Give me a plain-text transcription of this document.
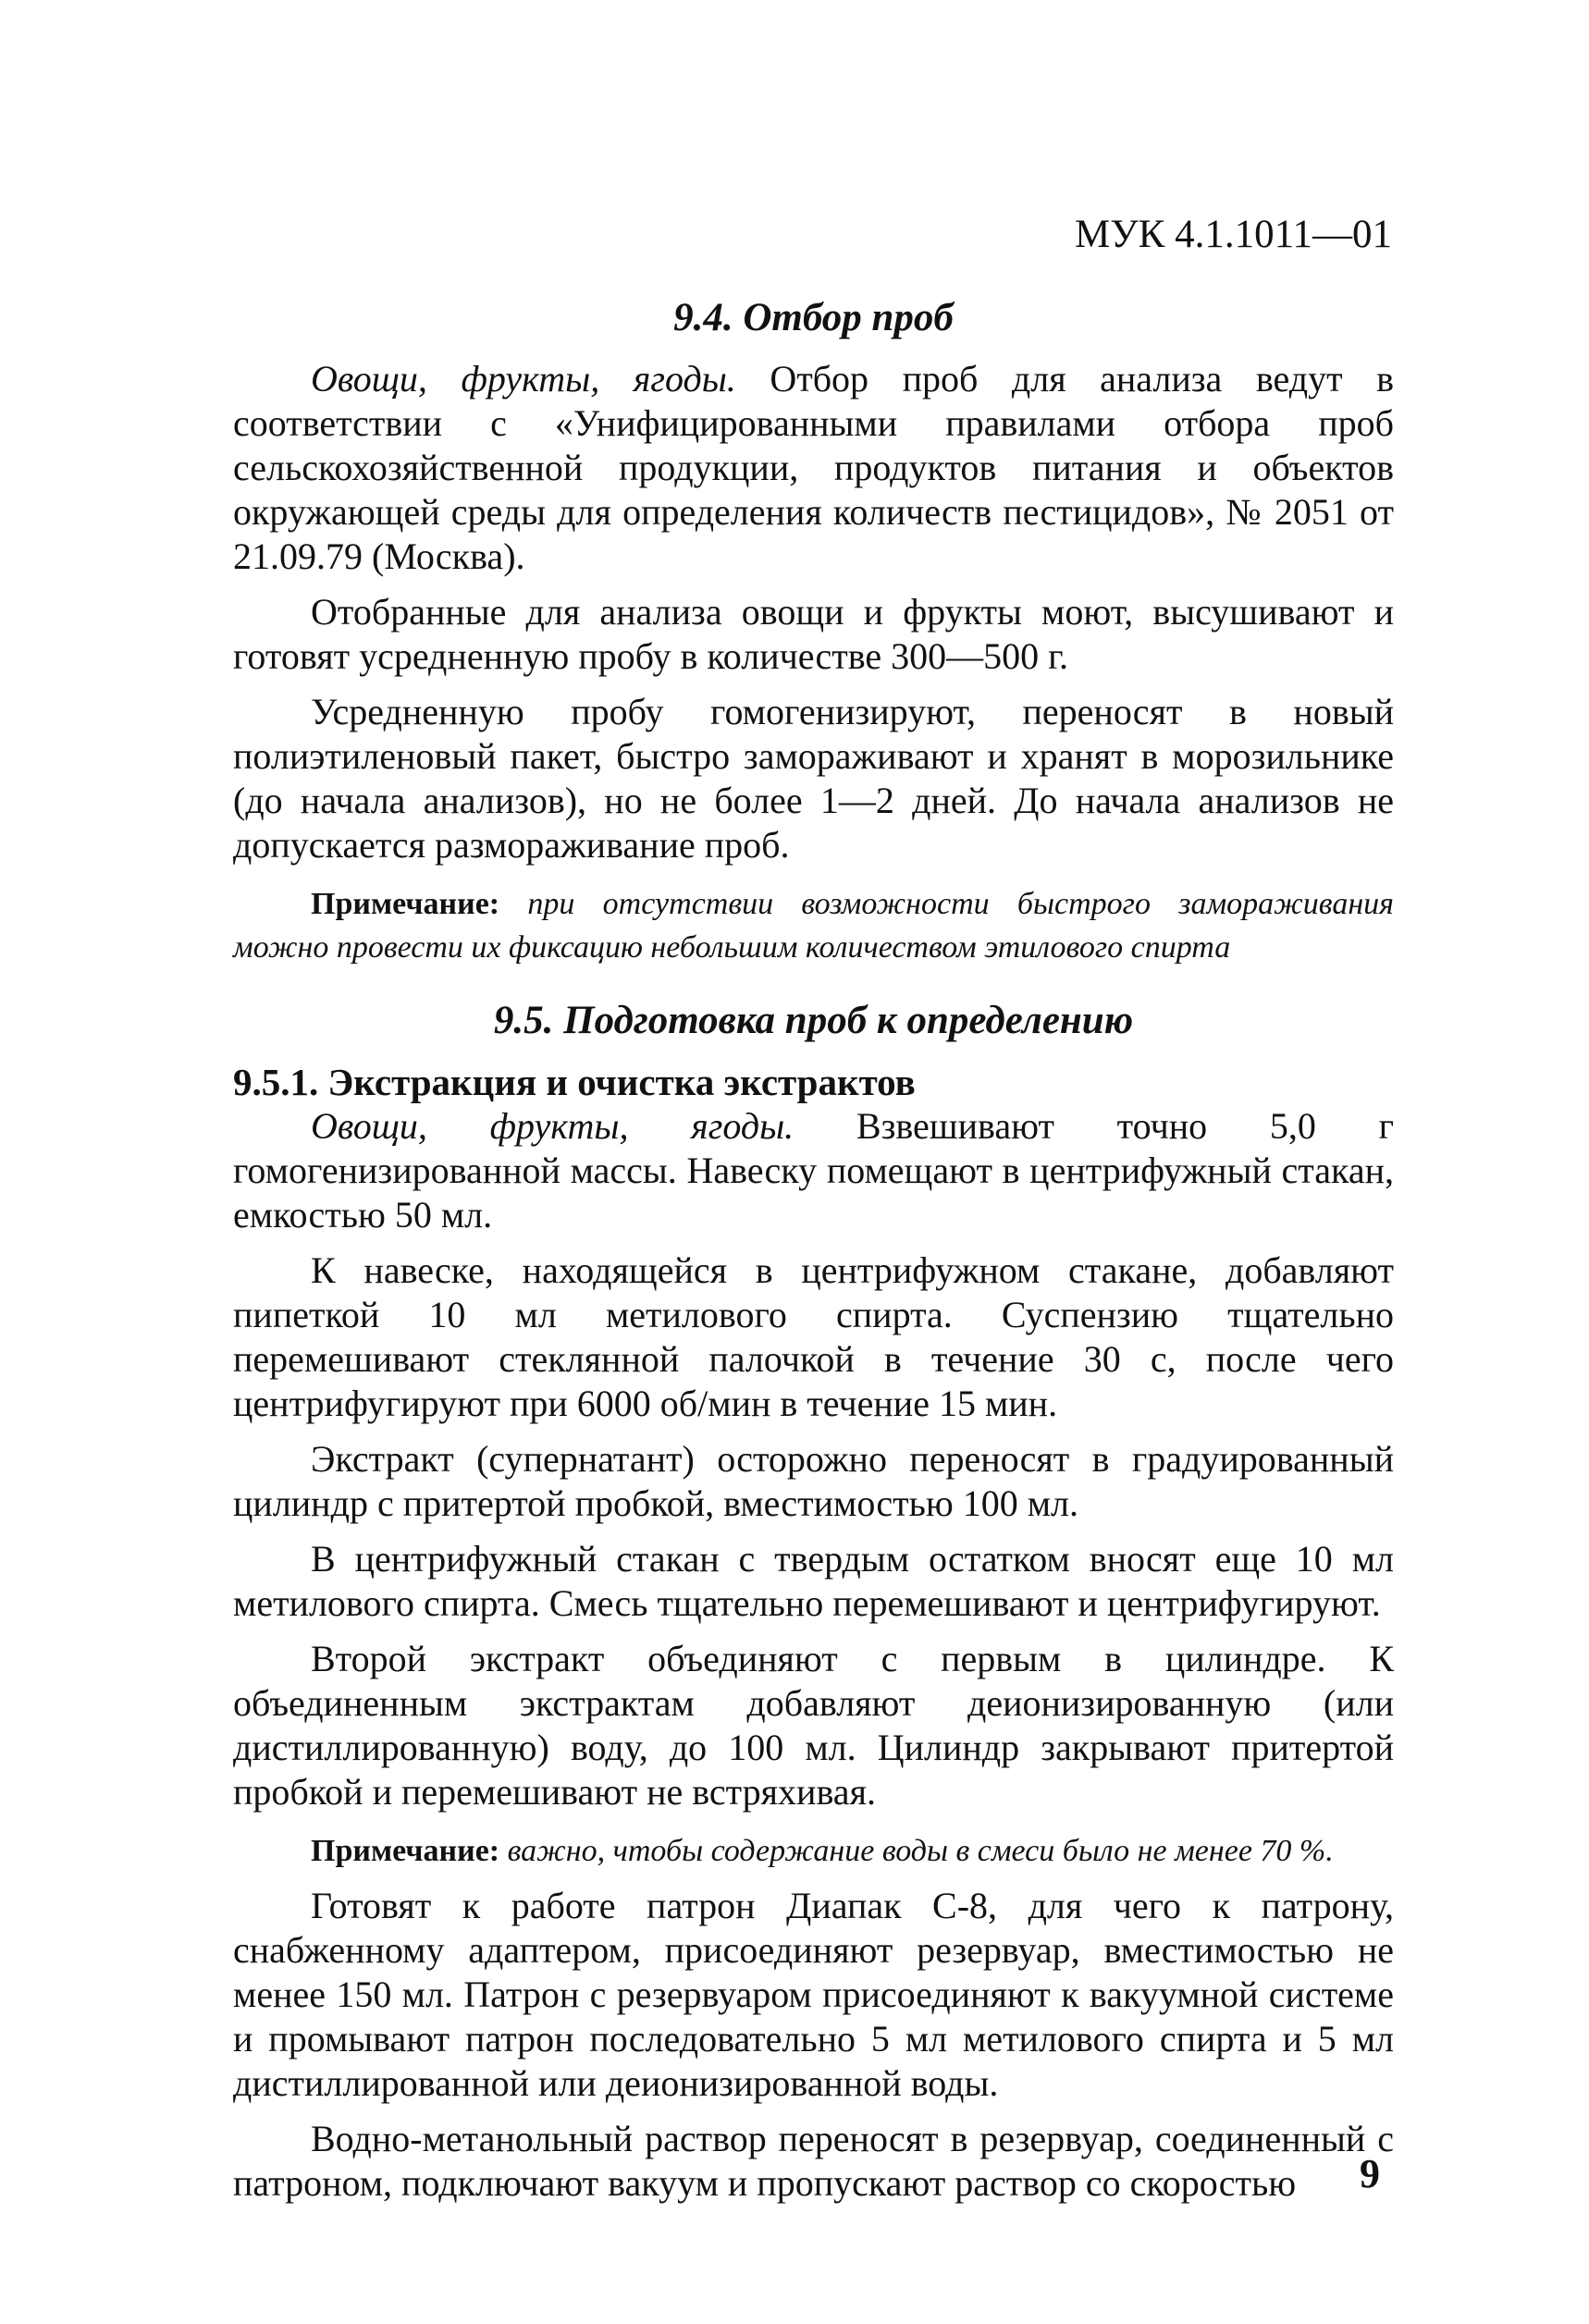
МУК 4.1.1011—01
9.4. Отбор проб

Овощи, фрукты, ягоды. Отбор проб для анализа ведут в соответствии с «Унифицированными правилами отбора проб сельскохозяйственной продукции, продуктов питания и объектов окружающей среды для определения количеств пестицидов», № 2051 от 21.09.79 (Москва).

Отобранные для анализа овощи и фрукты моют, высушивают и готовят усредненную пробу в количестве 300—500 г.

Усредненную пробу гомогенизируют, переносят в новый полиэтиленовый пакет, быстро замораживают и хранят в морозильнике (до начала анализов), но не более 1—2 дней. До начала анализов не допускается размораживание проб.

Примечание: при отсутствии возможности быстрого замораживания можно провести их фиксацию небольшим количеством этилового спирта
9.5. Подготовка проб к определению
9.5.1. Экстракция и очистка экстрактов

Овощи, фрукты, ягоды. Взвешивают точно 5,0 г гомогенизированной массы. Навеску помещают в центрифужный стакан, емкостью 50 мл.

К навеске, находящейся в центрифужном стакане, добавляют пипеткой 10 мл метилового спирта. Суспензию тщательно перемешивают стеклянной палочкой в течение 30 с, после чего центрифугируют при 6000 об/мин в течение 15 мин.

Экстракт (супернатант) осторожно переносят в градуированный цилиндр с притертой пробкой, вместимостью 100 мл.

В центрифужный стакан с твердым остатком вносят еще 10 мл метилового спирта. Смесь тщательно перемешивают и центрифугируют.

Второй экстракт объединяют с первым в цилиндре. К объединенным экстрактам добавляют деионизированную (или дистиллированную) воду, до 100 мл. Цилиндр закрывают притертой пробкой и перемешивают не встряхивая.

Примечание: важно, чтобы содержание воды в смеси было не менее 70 %.

Готовят к работе патрон Диапак С-8, для чего к патрону, снабженному адаптером, присоединяют резервуар, вместимостью не менее 150 мл. Патрон с резервуаром присоединяют к вакуумной системе и промывают патрон последовательно 5 мл метилового спирта и 5 мл дистиллированной или деионизированной воды.

Водно-метанольный раствор переносят в резервуар, соединенный с патроном, подключают вакуум и пропускают раствор со скоростью	9
